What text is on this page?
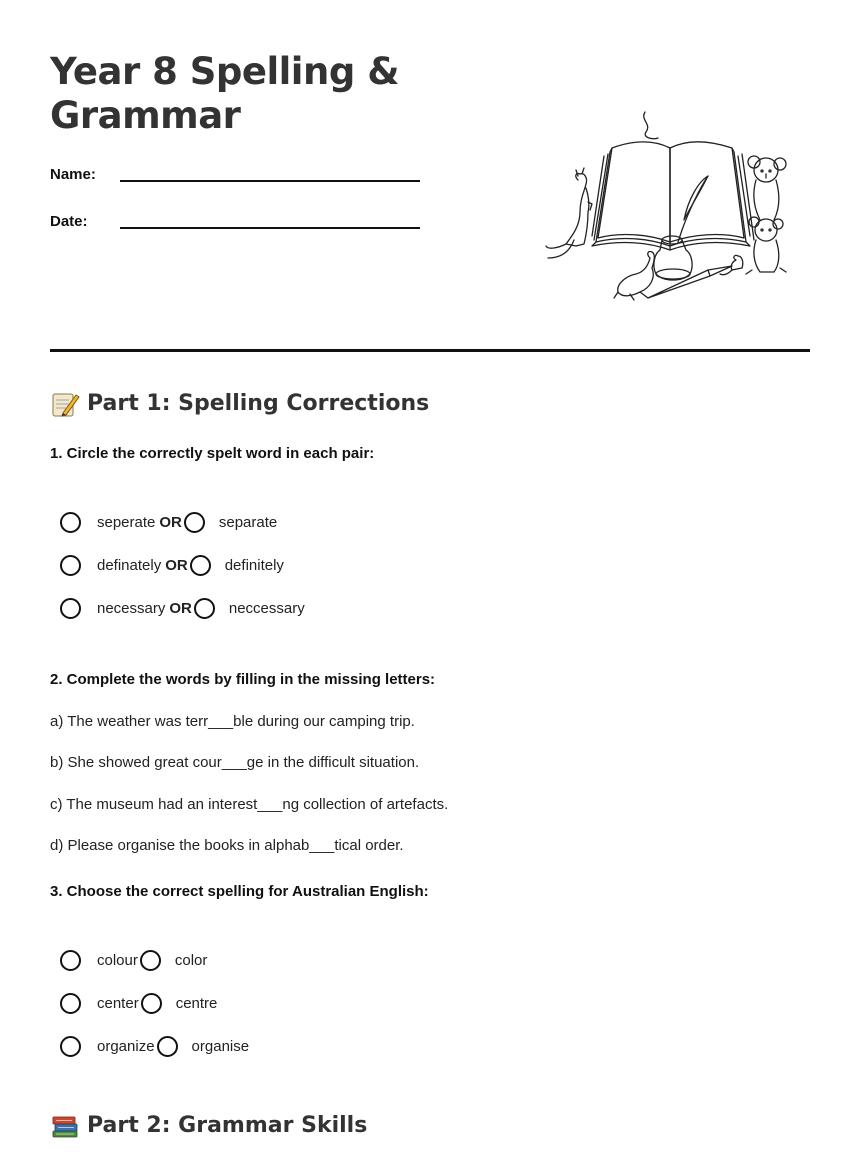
Year 8 Spelling & Grammar
Name:
Date:
Part 1: Spelling Corrections
1. Circle the correctly spelt word in each pair:
seperate OR separate
definately OR definitely
necessary OR neccessary
2. Complete the words by filling in the missing letters:
a) The weather was terr___ble during our camping trip.
b) She showed great cour___ge in the difficult situation.
c) The museum had an interest___ng collection of artefacts.
d) Please organise the books in alphab___tical order.
3. Choose the correct spelling for Australian English:
colour color
center centre
organize organise
Part 2: Grammar Skills
